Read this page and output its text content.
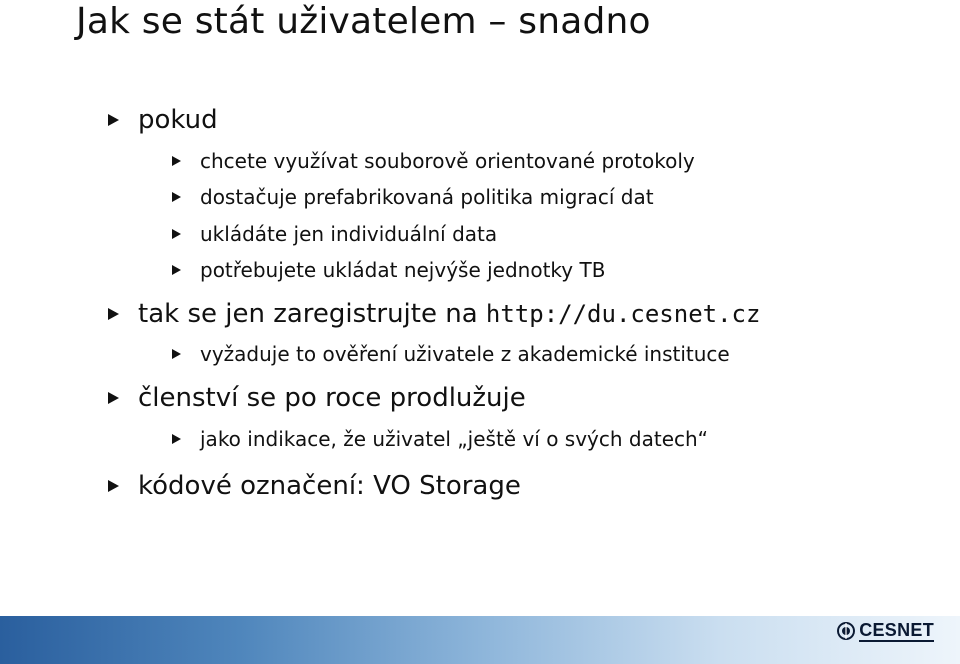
Jak se stát uživatelem – snadno
pokud
chcete využívat souborově orientované protokoly
dostačuje prefabrikovaná politika migrací dat
ukládáte jen individuální data
potřebujete ukládat nejvýše jednotky TB
tak se jen zaregistrujte na http://du.cesnet.cz
vyžaduje to ověření uživatele z akademické instituce
členství se po roce prodlužuje
jako indikace, že uživatel „ještě ví o svých datech“
kódové označení: VO Storage
CESNET
